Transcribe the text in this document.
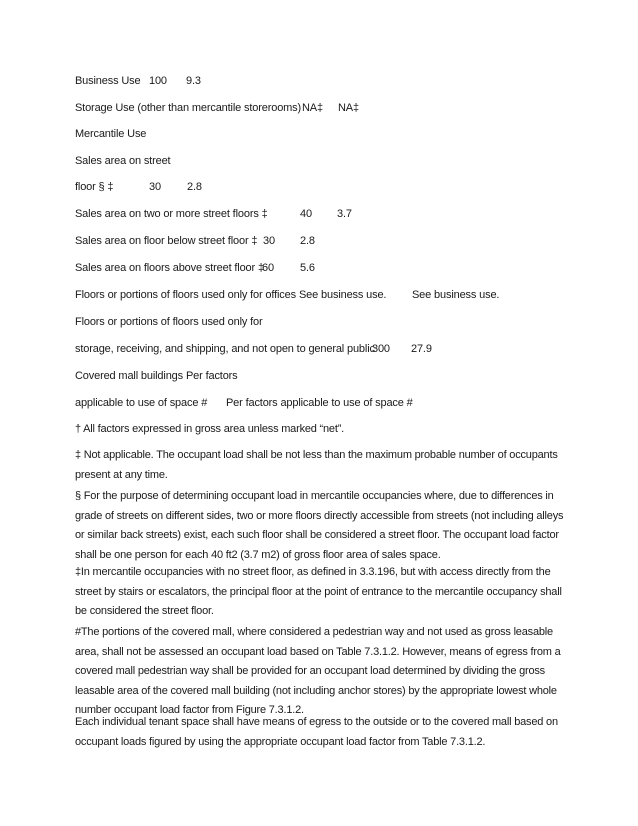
Business Use 100 9.3
Storage Use (other than mercantile storerooms) NA‡ NA‡
Mercantile Use
Sales area on street
floor § ‡	30 2.8
Sales area on two or more street floors ‡	40 3.7
Sales area on floor below street floor ‡ 30 2.8
Sales area on floors above street floor ‡
60 5.6
Floors or portions of floors used only for offices See business use. See business use.
Floors or portions of floors used only for
storage, receiving, and shipping, and not open to general public
300 27.9
Covered mall buildings Per factors
applicable to use of space # Per factors applicable to use of space #
† All factors expressed in gross area unless marked “net”.
‡ Not applicable. The occupant load shall be not less than the maximum probable number of occupants present at any time.
§ For the purpose of determining occupant load in mercantile occupancies where, due to differences in grade of streets on different sides, two or more floors directly accessible from streets (not including alleys or similar back streets) exist, each such floor shall be considered a street floor. The occupant load factor shall be one person for each 40 ft2 (3.7 m2) of gross floor area of sales space.
‡In mercantile occupancies with no street floor, as defined in 3.3.196, but with access directly from the street by stairs or escalators, the principal floor at the point of entrance to the mercantile occupancy shall be considered the street floor.
#The portions of the covered mall, where considered a pedestrian way and not used as gross leasable area, shall not be assessed an occupant load based on Table 7.3.1.2. However, means of egress from a covered mall pedestrian way shall be provided for an occupant load determined by dividing the gross leasable area of the covered mall building (not including anchor stores) by the appropriate lowest whole number occupant load factor from Figure 7.3.1.2.
Each individual tenant space shall have means of egress to the outside or to the covered mall based on occupant loads figured by using the appropriate occupant load factor from Table 7.3.1.2.
